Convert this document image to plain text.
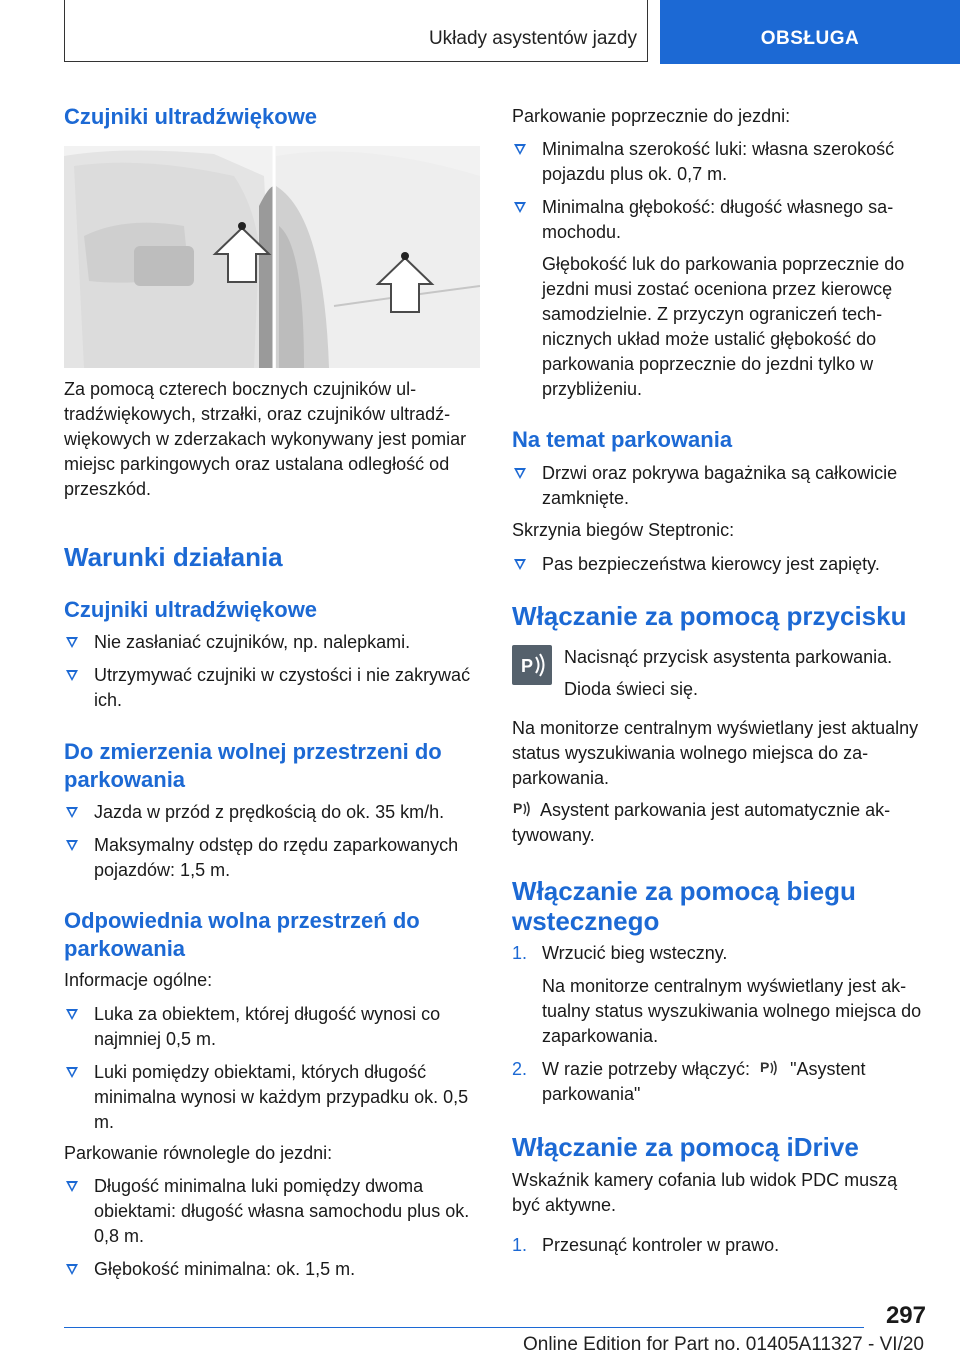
Układy asystentów jazdy	OBSŁUGA
Czujniki ultradźwiękowe
Za pomocą czterech bocznych czujników ultradźwiękowych, strzałki, oraz czujników ultradźwiękowych w zderzakach wykonywany jest pomiar miejsc parkingowych oraz ustalana odległość od przeszkód.
Warunki działania
Czujniki ultradźwiękowe
Nie zasłaniać czujników, np. nalepkami.
Utrzymywać czujniki w czystości i nie zakrywać ich.
Do zmierzenia wolnej przestrzeni do parkowania
Jazda w przód z prędkością do ok. 35 km/h.
Maksymalny odstęp do rzędu zaparkowanych pojazdów: 1,5 m.
Odpowiednia wolna przestrzeń do parkowania
Informacje ogólne:
Luka za obiektem, której długość wynosi co najmniej 0,5 m.
Luki pomiędzy obiektami, których długość minimalna wynosi w każdym przypadku ok. 0,5 m.
Parkowanie równolegle do jezdni:
Długość minimalna luki pomiędzy dwoma obiektami: długość własna samochodu plus ok. 0,8 m.
Głębokość minimalna: ok. 1,5 m.
Parkowanie poprzecznie do jezdni:
Minimalna szerokość luki: własna szerokość pojazdu plus ok. 0,7 m.
Minimalna głębokość: długość własnego samochodu.
Głębokość luk do parkowania poprzecznie do jezdni musi zostać oceniona przez kierowcę samodzielnie. Z przyczyn ograniczeń technicznych układ może ustalić głębokość do parkowania poprzecznie do jezdni tylko w przybliżeniu.
Na temat parkowania
Drzwi oraz pokrywa bagażnika są całkowicie zamknięte.
Skrzynia biegów Steptronic:
Pas bezpieczeństwa kierowcy jest zapięty.
Włączanie za pomocą przycisku
P Nacisnąć przycisk asystenta parkowania.
Dioda świeci się.
Na monitorze centralnym wyświetlany jest aktualny status wyszukiwania wolnego miejsca do zaparkowania.
P Asystent parkowania jest automatycznie aktywowany.
Włączanie za pomocą biegu wstecznego
1. Wrzucić bieg wsteczny.
Na monitorze centralnym wyświetlany jest aktualny status wyszukiwania wolnego miejsca do zaparkowania.
2. W razie potrzeby włączyć: P "Asystent parkowania"
Włączanie za pomocą iDrive
Wskaźnik kamery cofania lub widok PDC muszą być aktywne.
1. Przesunąć kontroler w prawo.
297
Online Edition for Part no. 01405A11327 - VI/20
